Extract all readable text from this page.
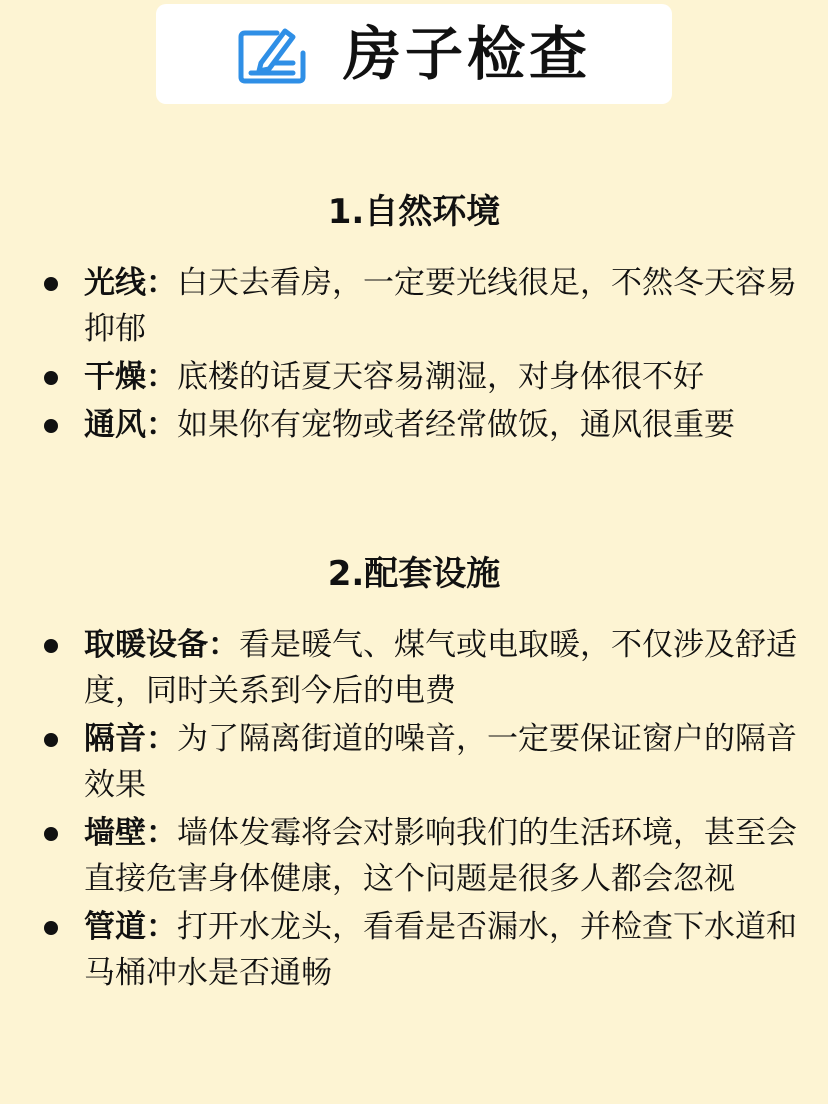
房子检查
1.自然环境
光线：白天去看房，一定要光线很足，不然冬天容易抑郁
干燥：底楼的话夏天容易潮湿，对身体很不好
通风：如果你有宠物或者经常做饭，通风很重要
2.配套设施
取暖设备：看是暖气、煤气或电取暖，不仅涉及舒适度，同时关系到今后的电费
隔音：为了隔离街道的噪音，一定要保证窗户的隔音效果
墙壁：墙体发霉将会对影响我们的生活环境，甚至会直接危害身体健康，这个问题是很多人都会忽视
管道：打开水龙头，看看是否漏水，并检查下水道和马桶冲水是否通畅
